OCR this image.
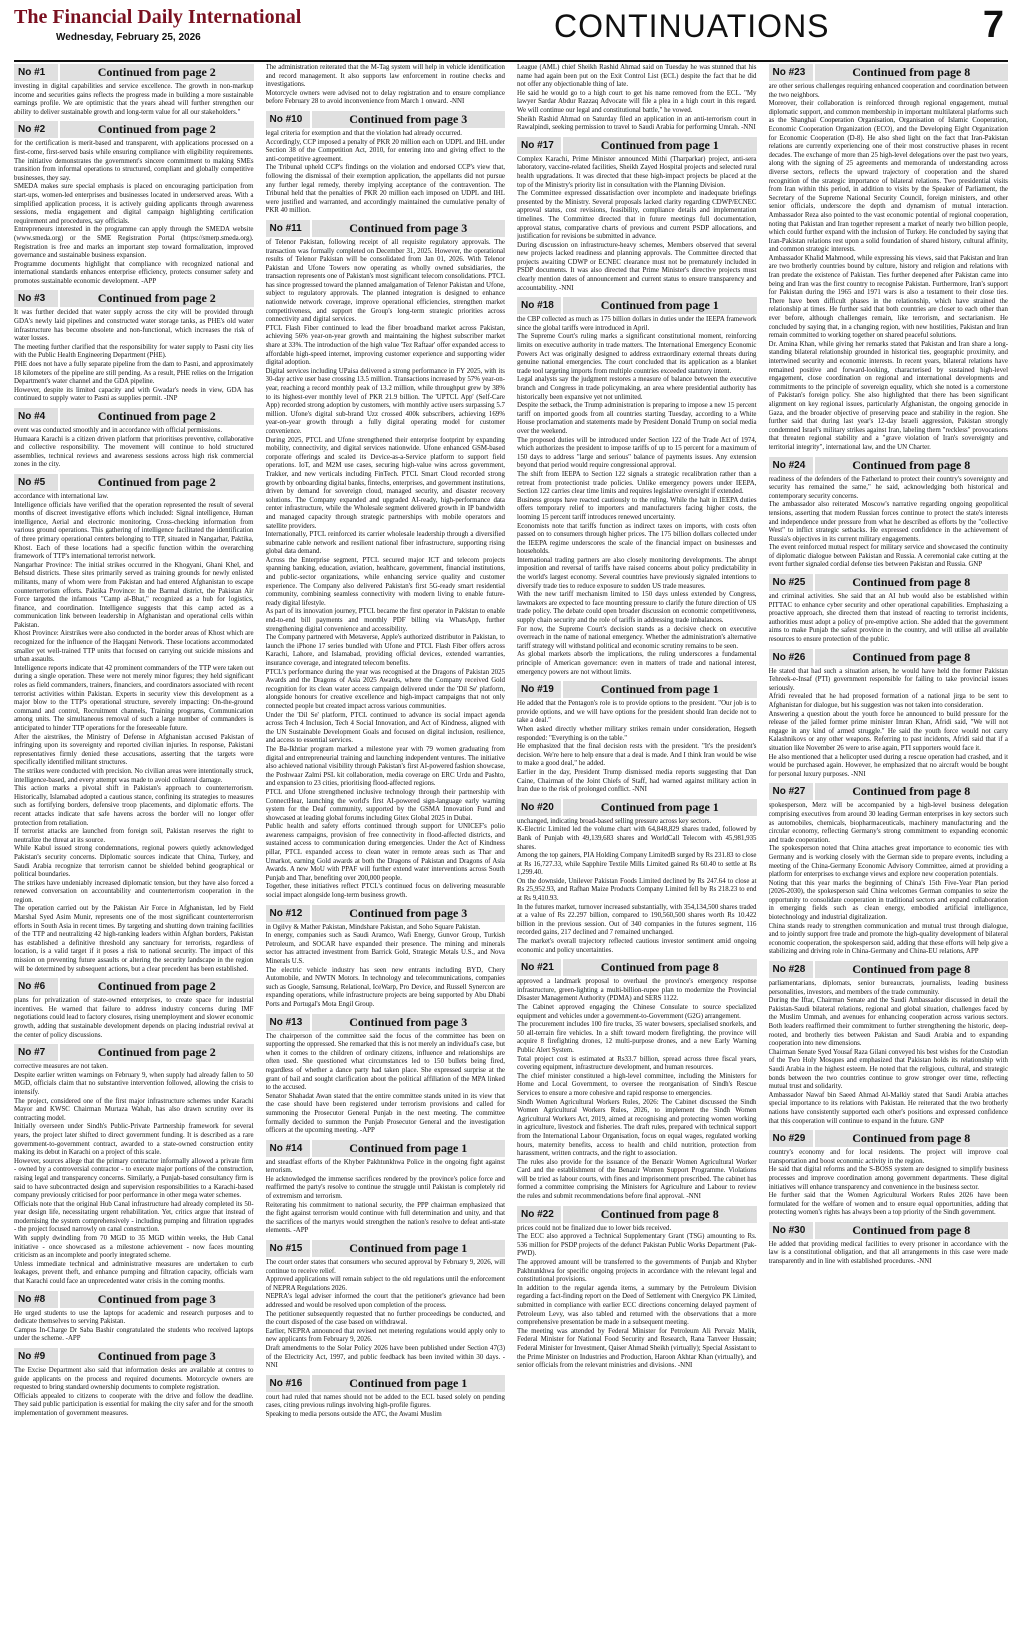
The Financial Daily International
Wednesday, February 25, 2026	CONTINUATIONS	7
No #1	Continued from page 2

investing in digital capabilities and service excellence. The growth in non-markup income and securities gains reflects the progress made in building a more sustainable earnings profile. We are optimistic that the years ahead will further strengthen our ability to deliver sustainable growth and long-term value for all our stakeholders."

No #2	Continued from page 2

for the certification is merit-based and transparent, with applications processed on a first-come, first-served basis while ensuring compliance with eligibility requirements. The initiative demonstrates the government's sincere commitment to making SMEs transition from informal operations to structured, compliant and globally competitive businesses, they say.
SMEDA makes sure special emphasis is placed on encouraging participation from start-ups, women-led enterprises and businesses located in underserved areas. With a simplified application process, it is actively guiding applicants through awareness sessions, media engagement and digital campaign highlighting certification requirement and procedures, say officials.
Entrepreneurs interested in the programme can apply through the SMEDA website (www.smeda.org) or the SME Registration Portal (https://smerp.smeda.org). Registration is free and marks an important step toward formalization, improved governance and sustainable business expansion.
Programme documents highlight that compliance with recognized national and international standards enhances enterprise efficiency, protects consumer safety and promotes sustainable economic development. -APP

No #3	Continued from page 2

It was further decided that water supply across the city will be provided through GDA's newly laid pipelines and constructed water storage tanks, as PHE's old water infrastructure has become obsolete and non-functional, which increases the risk of water losses.
The meeting further clarified that the responsibility for water supply to Pasni city lies with the Public Health Engineering Department (PHE).
PHE does not have a fully separate pipeline from the dam to Pasni, and approximately 18 kilometers of the pipeline are still pending. As a result, PHE relies on the Irrigation Department's water channel and the GDA pipeline.
However, despite its limited capacity and with Gwadar's needs in view, GDA has continued to supply water to Pasni as supplies permit. -INP

No #4	Continued from page 2

event was conducted smoothly and in accordance with official permissions.
Humaara Karachi is a citizen driven platform that prioritises preventive, collaborative and collective responsibility. The movement will continue to hold structured assemblies, technical reviews and awareness sessions across high risk commercial zones in the city.

No #5	Continued from page 2

accordance with international law.
Intelligence officials have verified that the operation represented the result of several months of discreet investigative efforts which included: Signal intelligence, Human intelligence, Aerial and electronic monitoring, Cross-checking information from various ground operations. This gathering of intelligence facilitated the identification of three primary operational centers belonging to TTP, situated in Nangarhar, Paktika, Khost. Each of these locations had a specific function within the overarching framework of TTP's international terrorist network.
Nangarhar Province: The initial strikes occurred in the Khogyani, Ghani Khel, and Behsud districts. These sites primarily served as training grounds for newly enlisted militants, many of whom were from Pakistan and had entered Afghanistan to escape counterterrorism efforts. Paktika Province: In the Barmal district, the Pakistan Air Force targeted the infamous "Camp al-Bhat," recognized as a hub for logistics, finance, and coordination. Intelligence suggests that this camp acted as a communication link between leadership in Afghanistan and operational cells within Pakistan.
Khost Province: Airstrikes were also conducted in the border areas of Khost which are recognized for the influence of the Haqqani Network. These locations accommodated smaller yet well-trained TTP units that focused on carrying out suicide missions and urban assaults.
Intelligence reports indicate that 42 prominent commanders of the TTP were taken out during a single operation. These were not merely minor figures; they held significant roles as field commanders, trainers, financiers, and coordinators associated with recent terrorist activities within Pakistan. Experts in security view this development as a major blow to the TTP's operational structure, severely impacting: On-the-ground command and control, Recruitment channels, Training programs, Communication among units. The simultaneous removal of such a large number of commanders is anticipated to hinder TTP operations for the foreseeable future.
After the airstrikes, the Ministry of Defense in Afghanistan accused Pakistan of infringing upon its sovereignty and reported civilian injuries. In response, Pakistani representatives firmly denied these accusations, asserting that the targets were specifically identified militant structures.
The strikes were conducted with precision. No civilian areas were intentionally struck, intelligence-based, and every attempt was made to avoid collateral damage.
This action marks a pivotal shift in Pakistan's approach to counterterrorism. Historically, Islamabad adopted a cautious stance, confining its strategies to measures such as fortifying borders, defensive troop placements, and diplomatic efforts. The recent attacks indicate that safe havens across the border will no longer offer protection from retaliation.
If terrorist attacks are launched from foreign soil, Pakistan reserves the right to neutralize the threat at its source.
While Kabul issued strong condemnations, regional powers quietly acknowledged Pakistan's security concerns. Diplomatic sources indicate that China, Turkey, and Saudi Arabia recognize that terrorism cannot be shielded behind geographical or political boundaries.
The strikes have undeniably increased diplomatic tension, but they have also forced a renewed conversation on accountability and counterterrorism cooperation in the region.
The operation carried out by the Pakistan Air Force in Afghanistan, led by Field Marshal Syed Asim Munir, represents one of the most significant counterterrorism efforts in South Asia in recent times. By targeting and shutting down training facilities of the TTP and neutralizing 42 high-ranking leaders within Afghan borders, Pakistan has established a definitive threshold any sanctuary for terrorists, regardless of location, is a valid target if it poses a risk to national security. The impact of this mission on preventing future assaults or altering the security landscape in the region will be determined by subsequent actions, but a clear precedent has been established.

No #6	Continued from page 2

plans for privatization of state-owned enterprises, to create space for industrial incentives. He warned that failure to address industry concerns during IMF negotiations could lead to factory closures, rising unemployment and slower economic growth, adding that sustainable development depends on placing industrial revival at the center of policy discussions.

No #7	Continued from page 2

corrective measures are not taken.
Despite earlier written warnings on February 9, when supply had already fallen to 50 MGD, officials claim that no substantive intervention followed, allowing the crisis to intensify.
The project, considered one of the first major infrastructure schemes under Karachi Mayor and KWSC Chairman Murtaza Wahab, has also drawn scrutiny over its contracting model.
Initially overseen under Sindh's Public-Private Partnership framework for several years, the project later shifted to direct government funding. It is described as a rare government-to-government contract, awarded to a state-owned construction entity making its debut in Karachi on a project of this scale.
However, sources allege that the primary contractor informally allowed a private firm - owned by a controversial contractor - to execute major portions of the construction, raising legal and transparency concerns. Similarly, a Punjab-based consultancy firm is said to have subcontracted design and supervision responsibilities to a Karachi-based company previously criticised for poor performance in other mega water schemes.
Officials note that the original Hub Canal infrastructure had already completed its 50-year design life, necessitating urgent rehabilitation. Yet, critics argue that instead of modernising the system comprehensively - including pumping and filtration upgrades - the project focused narrowly on canal construction.
With supply dwindling from 70 MGD to 35 MGD within weeks, the Hub Canal initiative - once showcased as a milestone achievement - now faces mounting criticism as an incomplete and poorly integrated scheme.
Unless immediate technical and administrative measures are undertaken to curb leakages, prevent theft, and enhance pumping and filtration capacity, officials warn that Karachi could face an unprecedented water crisis in the coming months.

No #8	Continued from page 3

He urged students to use the laptops for academic and research purposes and to dedicate themselves to serving Pakistan.
Campus In-Charge Dr Saba Bashir congratulated the students who received laptops under the scheme. -APP

No #9	Continued from page 3

The Excise Department also said that information desks are available at centres to guide applicants on the process and required documents. Motorcycle owners are requested to bring standard ownership documents to complete registration.
Officials appealed to citizens to cooperate with the drive and follow the deadline. They said public participation is essential for making the city safer and for the smooth implementation of government measures.

The administration reiterated that the M-Tag system will help in vehicle identification and record management. It also supports law enforcement in routine checks and investigations.
Motorcycle owners were advised not to delay registration and to ensure compliance before February 28 to avoid inconvenience from March 1 onward. -NNI

No #10	Continued from page 3

legal criteria for exemption and that the violation had already occurred.
Accordingly, CCP imposed a penalty of PKR 20 million each on UDPL and IHL under Section 38 of the Competition Act, 2010, for entering into and giving effect to the anti-competitive agreement.
The Tribunal upheld CCP's findings on the violation and endorsed CCP's view that, following the dismissal of their exemption application, the appellants did not pursue any further legal remedy, thereby implying acceptance of the contravention. The Tribunal held that the penalties of PKR 20 million each imposed on UDPL and IHL were justified and warranted, and accordingly maintained the cumulative penalty of PKR 40 million.

No #11	Continued from page 3

of Telenor Pakistan, following receipt of all requisite regulatory approvals. The transaction was formally completed on December 31, 2025. However, the operational results of Telenor Pakistan will be consolidated from Jan 01, 2026. With Telenor Pakistan and Ufone Towers now operating as wholly owned subsidiaries, the transaction represents one of Pakistan's most significant telecom consolidations. PTCL has since progressed toward the planned amalgamation of Telenor Pakistan and Ufone, subject to regulatory approvals. The planned integration is designed to enhance nationwide network coverage, improve operational efficiencies, strengthen market competitiveness, and support the Group's long-term strategic priorities across connectivity and digital services.
PTCL Flash Fiber continued to lead the fiber broadband market across Pakistan, achieving 56% year-on-year growth and maintaining the highest subscriber market share at 33%. The introduction of the high value 'Tez Raftaar' offer expanded access to affordable high-speed internet, improving customer experience and supporting wider digital adoption.
Digital services including UPaisa delivered a strong performance in FY 2025, with its 30-day active user base crossing 13.5 million. Transactions increased by 57% year-on-year, reaching a record monthly peak of 13.2 million, while throughput grew by 38% to its highest-ever monthly level of PKR 21.9 billion. The 'UPTCL App' (Self-Care App) recorded strong adoption by customers, with monthly active users surpassing 5.7 million. Ufone's digital sub-brand Uzz crossed 400k subscribers, achieving 169% year-on-year growth through a fully digital operating model for customer convenience.
During 2025, PTCL and Ufone strengthened their enterprise footprint by expanding mobility, connectivity, and digital services nationwide. Ufone enhanced GSM-based corporate offerings and scaled its Device-as-a-Service platform to support field operations. IoT, and M2M use cases, securing high-value wins across government, Trakker, and new verticals including FinTech. PTCL Smart Cloud recorded strong growth by onboarding digital banks, fintechs, enterprises, and government institutions, driven by demand for sovereign cloud, managed security, and disaster recovery solutions. The Company expanded and upgraded AI-ready, high-performance data center infrastructure, while the Wholesale segment delivered growth in IP bandwidth and managed capacity through strategic partnerships with mobile operators and satellite providers.
Internationally, PTCL reinforced its carrier wholesale leadership through a diversified submarine cable network and resilient national fiber infrastructure, supporting rising global data demand.
Across the Enterprise segment, PTCL secured major ICT and telecom projects spanning banking, education, aviation, healthcare, government, financial institutions, and public-sector organizations, while enhancing service quality and customer experience. The Company also delivered Pakistan's first 5G-ready smart residential community, combining seamless connectivity with modern living to enable future-ready digital lifestyle.
As part of its innovation journey, PTCL became the first operator in Pakistan to enable end-to-end bill payments and monthly PDF billing via WhatsApp, further strengthening digital convenience and accessibility.
The Company partnered with Metaverse, Apple's authorized distributor in Pakistan, to launch the iPhone 17 series bundled with Ufone and PTCL Flash Fiber offers across Karachi, Lahore, and Islamabad, providing official devices, extended warranties, insurance coverage, and integrated telecom benefits.
PTCL's performance during the year was recognised at the Dragons of Pakistan 2025 Awards and the Dragons of Asia 2025 Awards, where the Company received Gold recognition for its clean water access campaign delivered under the 'Dil Se' platform, alongside honours for creative excellence and high-impact campaigns that not only connected people but created impact across various communities.
Under the 'Dil Se' platform, PTCL continued to advance its social impact agenda across Tech 4 Inclusion, Tech 4 Social Innovation, and Act of Kindness, aligned with the UN Sustainable Development Goals and focused on digital inclusion, resilience, and access to essential services.
The Ba-Ikhtiar program marked a milestone year with 79 women graduating from digital and entrepreneurial training and launching independent ventures. The initiative also achieved national visibility through Pakistan's first AI-powered fashion showcase, the Poshwaar Zalmi PSL kit collaboration, media coverage on ERC Urdu and Pashto, and expansion to 23 cities, prioritising flood-affected regions.
PTCL and Ufone strengthened inclusive technology through their partnership with ConnectHear, launching the world's first AI-powered sign-language early warning system for the Deaf community, supported by the GSMA Innovation Fund and showcased at leading global forums including Gitex Global 2025 in Dubai.
Public health and safety efforts continued through support for UNICEF's polio awareness campaigns, provision of free connectivity in flood-affected districts, and sustained access to communication during emergencies. Under the Act of Kindness pillar, PTCL expanded access to clean water in remote areas such as Thar and Umarkot, earning Gold awards at both the Dragons of Pakistan and Dragons of Asia Awards. A new MoU with PPAF will further extend water interventions across South Punjab and Thar, benefiting over 200,000 people.
Together, these initiatives reflect PTCL's continued focus on delivering measurable social impact alongside long-term business growth.

No #12	Continued from page 3

in Ogilvy & Mather Pakistan, Mindshare Pakistan, and Soho Square Pakistan.
In energy, companies such as Saudi Aramco, Wafi Energy, Gunvor Group, Turkish Petroleum, and SOCAR have expanded their presence. The mining and minerals sector has attracted investment from Barrick Gold, Strategic Metals U.S., and Nova Minerals U.S.
The electric vehicle industry has seen new entrants including BYD, Chery Automobile, and NWTN Motors. In technology and telecommunications, companies such as Google, Samsung, Relational, IceWarp, Pro Device, and Russell Synercon are expanding operations, while infrastructure projects are being supported by Abu Dhabi Ports and Portugal's Mota Engil Group.

No #13	Continued from page 3

The chairperson of the committee said the focus of the committee has been on supporting the oppressed. She remarked that this is not merely an individual's case, but when it comes to the children of ordinary citizens, influence and relationships are often used. She questioned what circumstances led to 150 bullets being fired, regardless of whether a dance party had taken place. She expressed surprise at the grant of bail and sought clarification about the political affiliation of the MPA linked to the accused.
Senator Shahadat Awan stated that the entire committee stands united in its view that the case should have been registered under terrorism provisions and called for summoning the Prosecutor General Punjab in the next meeting. The committee formally decided to summon the Punjab Prosecutor General and the investigation officers at the upcoming meeting. -APP

No #14	Continued from page 1

and steadfast efforts of the Khyber Pakhtunkhwa Police in the ongoing fight against terrorism.
He acknowledged the immense sacrifices rendered by the province's police force and reaffirmed the party's resolve to continue the struggle until Pakistan is completely rid of extremism and terrorism.
Reiterating his commitment to national security, the PPP chairman emphasized that the fight against terrorism would continue with full determination and unity, and that the sacrifices of the martyrs would strengthen the nation's resolve to defeat anti-state elements. -APP

No #15	Continued from page 1

The court order states that consumers who secured approval by February 9, 2026, will continue to receive relief.
Approved applications will remain subject to the old regulations until the enforcement of NEPRA Regulations 2026.
NEPRA's legal adviser informed the court that the petitioner's grievance had been addressed and would be resolved upon completion of the process.
The petitioner subsequently requested that no further proceedings be conducted, and the court disposed of the case based on withdrawal.
Earlier, NEPRA announced that revised net metering regulations would apply only to new applicants from February 9, 2026.
Draft amendments to the Solar Policy 2026 have been published under Section 47(3) of the Electricity Act, 1997, and public feedback has been invited within 30 days. -NNI

No #16	Continued from page 1

court had ruled that names should not be added to the ECL based solely on pending cases, citing previous rulings involving high-profile figures.
Speaking to media persons outside the ATC, the Awami Muslim

League (AML) chief Sheikh Rashid Ahmad said on Tuesday he was stunned that his name had again been put on the Exit Control List (ECL) despite the fact that he did not offer any objectionable thing of late.
He said he would go to a high court to get his name removed from the ECL. "My lawyer Sardar Abdur Razzaq Advocate will file a plea in a high court in this regard. We will continue our legal and constitutional battle," he vowed.
Sheikh Rashid Ahmad on Saturday filed an application in an anti-terrorism court in Rawalpindi, seeking permission to travel to Saudi Arabia for performing Umrah. -NNI

No #17	Continued from page 1

Complex Karachi, Prime Minister announced Mithi (Tharparkar) project, anti-sera laboratory, vaccine-related facilities, Sheikh Zayed Hospital projects and selected rural health upgradations. It was directed that these high-impact projects be placed at the top of the Ministry's priority list in consultation with the Planning Division.
The Committee expressed dissatisfaction over incomplete and inadequate briefings presented by the Ministry. Several proposals lacked clarity regarding CDWP/ECNEC approval status, cost revisions, feasibility, compliance details and implementation timelines. The Committee directed that in future meetings full documentation, approval status, comparative charts of previous and current PSDP allocations, and justification for revisions be submitted in advance.
During discussion on infrastructure-heavy schemes, Members observed that several new projects lacked readiness and planning approvals. The Committee directed that projects awaiting CDWP or ECNEC clearance must not be prematurely included in PSDP documents. It was also directed that Prime Minister's directive projects must clearly mention dates of announcement and current status to ensure transparency and accountability. -NNI

No #18	Continued from page 1

the CBP collected as much as 175 billion dollars in duties under the IEEPA framework since the global tariffs were introduced in April.
The Supreme Court's ruling marks a significant constitutional moment, reinforcing limits on executive authority in trade matters. The International Emergency Economic Powers Act was originally designed to address extraordinary external threats during genuine national emergencies. The court concluded that its application as a blanket trade tool targeting imports from multiple countries exceeded statutory intent.
Legal analysts say the judgment restores a measure of balance between the executive branch and Congress in trade policymaking, an area where presidential authority has historically been expansive yet not unlimited.
Despite the setback, the Trump administration is preparing to impose a new 15 percent tariff on imported goods from all countries starting Tuesday, according to a White House proclamation and statements made by President Donald Trump on social media over the weekend.
The proposed duties will be introduced under Section 122 of the Trade Act of 1974, which authorizes the president to impose tariffs of up to 15 percent for a maximum of 150 days to address "large and serious" balance of payments issues. Any extension beyond that period would require congressional approval.
The shift from IEEPA to Section 122 signals a strategic recalibration rather than a retreat from protectionist trade policies. Unlike emergency powers under IEEPA, Section 122 carries clear time limits and requires legislative oversight if extended.
Business groups have reacted cautiously to the ruling. While the halt in IEEPA duties offers temporary relief to importers and manufacturers facing higher costs, the looming 15 percent tariff introduces renewed uncertainty.
Economists note that tariffs function as indirect taxes on imports, with costs often passed on to consumers through higher prices. The 175 billion dollars collected under the IEEPA regime underscores the scale of the financial impact on businesses and households.
International trading partners are also closely monitoring developments. The abrupt imposition and reversal of tariffs have raised concerns about policy predictability in the world's largest economy. Several countries have previously signaled intentions to diversify trade ties to reduce exposure to sudden US trade measures.
With the new tariff mechanism limited to 150 days unless extended by Congress, lawmakers are expected to face mounting pressure to clarify the future direction of US trade policy. The debate could open broader discussion on economic competitiveness, supply chain security and the role of tariffs in addressing trade imbalances.
For now, the Supreme Court's decision stands as a decisive check on executive overreach in the name of national emergency. Whether the administration's alternative tariff strategy will withstand political and economic scrutiny remains to be seen.
As global markets absorb the implications, the ruling underscores a fundamental principle of American governance: even in matters of trade and national interest, emergency powers are not without limits.

No #19	Continued from page 1

He added that the Pentagon's role is to provide options to the president. "Our job is to provide options, and we will have options for the president should Iran decide not to take a deal."
When asked directly whether military strikes remain under consideration, Hegseth responded: "Everything is on the table."
He emphasized that the final decision rests with the president. "It's the president's decision. We're here to help ensure that a deal is made. And I think Iran would be wise to make a good deal," he added.
Earlier in the day, President Trump dismissed media reports suggesting that Dan Caine, Chairman of the Joint Chiefs of Staff, had warned against military action in Iran due to the risk of prolonged conflict. -NNI

No #20	Continued from page 1

unchanged, indicating broad-based selling pressure across key sectors.
K-Electric Limited led the volume chart with 64,848,829 shares traded, followed by Bank of Punjab with 49,139,683 shares and WorldCall Telecom with 45,981,935 shares.
Among the top gainers, PIA Holding Company LimitedB surged by Rs 231.83 to close at Rs 16,727.33, while Sapphire Textile Mills Limited gained Rs 60.40 to settle at Rs 1,299.40.
On the downside, Unilever Pakistan Foods Limited declined by Rs 247.64 to close at Rs 25,952.93, and Rafhan Maize Products Company Limited fell by Rs 218.23 to end at Rs 9,410.93.
In the futures market, turnover increased substantially, with 354,134,500 shares traded at a value of Rs 22.297 billion, compared to 190,560,500 shares worth Rs 10.422 billion in the previous session. Out of 340 companies in the futures segment, 116 recorded gains, 217 declined and 7 remained unchanged.
The market's overall trajectory reflected cautious investor sentiment amid ongoing economic and policy uncertainties.

No #21	Continued from page 8

approved a landmark proposal to overhaul the province's emergency response infrastructure, green-lighting a multi-billion-rupee plan to modernize the Provincial Disaster Management Authority (PDMA) and SERS 1122.
The Cabinet approved engaging the Chinese Consulate to source specialized equipment and vehicles under a government-to-Government (G2G) arrangement.
The procurement includes 100 fire trucks, 35 water bowsers, specialised snorkels, and 50 all-terrain fire vehicles. In a shift toward modern firefighting, the province will acquire 8 firefighting drones, 12 multi-purpose drones, and a new Early Warning Public Alert System.
Total project cost is estimated at Rs33.7 billion, spread across three fiscal years, covering equipment, infrastructure development, and human resources.
The chief minister constituted a high-level committee, including the Ministers for Home and Local Government, to oversee the reorganisation of Sindh's Rescue Services to ensure a more cohesive and rapid response to emergencies.
Sindh Women Agricultural Workers Rules, 2026: The Cabinet discussed the Sindh Women Agricultural Workers Rules, 2026, to implement the Sindh Women Agricultural Workers Act, 2019, aimed at recognising and protecting women working in agriculture, livestock and fisheries. The draft rules, prepared with technical support from the International Labour Organisation, focus on equal wages, regulated working hours, maternity benefits, access to health and child nutrition, protection from harassment, written contracts, and the right to association.
The rules also provide for the issuance of the Benazir Women Agricultural Worker Card and the establishment of the Benazir Women Support Programme. Violations will be tried as labour courts, with fines and imprisonment prescribed. The cabinet has formed a committee comprising the Ministers for Agriculture and Labour to review the rules and submit recommendations before final approval. -NNI

No #22	Continued from page 8

prices could not be finalized due to lower bids received.
The ECC also approved a Technical Supplementary Grant (TSG) amounting to Rs. 536 million for PSDP projects of the defunct Pakistan Public Works Department (Pak-PWD).
The approved amount will be transferred to the governments of Punjab and Khyber Pakhtunkhwa for specific ongoing projects in accordance with the relevant legal and constitutional provisions.
In addition to the regular agenda items, a summary by the Petroleum Division regarding a fact-finding report on the Deed of Settlement with Cnergyico PK Limited, submitted in compliance with earlier ECC directions concerning delayed payment of Petroleum Levy, was also tabled and returned with the observations that a more comprehensive presentation be made in a subsequent meeting.
The meeting was attended by Federal Minister for Petroleum Ali Pervaiz Malik, Federal Minister for National Food Security and Research, Rana Tanveer Hussain; Federal Minister for Investment, Qaiser Ahmad Sheikh (virtually); Special Assistant to the Prime Minister on Industries and Production, Haroon Akhtar Khan (virtually), and senior officials from the relevant ministries and divisions. -NNI

No #23	Continued from page 8

are other serious challenges requiring enhanced cooperation and coordination between the two neighbors.
Moreover, their collaboration is reinforced through regional engagement, mutual diplomatic support, and common membership in important multilateral platforms such as the Shanghai Cooperation Organisation, Organisation of Islamic Cooperation, Economic Cooperation Organization (ECO), and the Developing Eight Organization for Economic Cooperation (D-8). He also shed light on the fact that Iran-Pakistan relations are currently experiencing one of their most constructive phases in recent decades. The exchange of more than 25 high-level delegations over the past two years, along with the signing of 25 agreements and memoranda of understanding across diverse sectors, reflects the upward trajectory of cooperation and the shared recognition of the strategic importance of bilateral relations. Two presidential visits from Iran within this period, in addition to visits by the Speaker of Parliament, the Secretary of the Supreme National Security Council, foreign ministers, and other senior officials, underscore the depth and dynamism of mutual interaction. Ambassador Reza also pointed to the vast economic potential of regional cooperation, noting that Pakistan and Iran together represent a market of nearly two billion people, which could further expand with the inclusion of Turkey. He concluded by saying that Iran-Pakistan relations rest upon a solid foundation of shared history, cultural affinity, and common strategic interests.
Ambassador Khalid Mahmood, while expressing his views, said that Pakistan and Iran are two brotherly countries bound by culture, history and religion and relations with Iran predate the existence of Pakistan. Ties further deepened after Pakistan came into being and Iran was the first country to recognise Pakistan. Furthermore, Iran's support for Pakistan during the 1965 and 1971 wars is also a testament to their close ties. There have been difficult phases in the relationship, which have strained the relationship at times. He further said that both countries are closer to each other than ever before, although challenges remain, like terrorism, and sectarianism. He concluded by saying that, in a changing region, with new hostilities, Pakistan and Iran remain committed to working together on shared peaceful solutions.
Dr. Amina Khan, while giving her remarks stated that Pakistan and Iran share a long-standing bilateral relationship grounded in historical ties, geographic proximity, and intertwined security and economic interests. In recent years, bilateral relations have remained positive and forward-looking, characterised by sustained high-level engagement, close coordination on regional and international developments and commitments to the principle of sovereign equality, which she noted is a cornerstone of Pakistan's foreign policy. She also highlighted that there has been significant alignment on key regional issues, particularly Afghanistan, the ongoing genocide in Gaza, and the broader objective of preserving peace and stability in the region. She further said that during last year's 12-day Israeli aggression, Pakistan strongly condemned Israel's military strikes against Iran, labeling them "reckless" provocations that threaten regional stability and a "grave violation of Iran's sovereignty and territorial integrity", international law, and the UN Charter.

No #24	Continued from page 8

readiness of the defenders of the Fatherland to protect their country's sovereignty and security has remained the same," he said, acknowledging both historical and contemporary security concerns.
The ambassador also reiterated Moscow's narrative regarding ongoing geopolitical tensions, asserting that modern Russian forces continue to protect the state's interests and independence under pressure from what he described as efforts by the "collective West" to inflict strategic setbacks. He expressed confidence in the achievement of Russia's objectives in its current military engagements.
The event reinforced mutual respect for military service and showcased the continuity of diplomatic dialogue between Pakistan and Russia. A ceremonial cake cutting at the event further signaled cordial defense ties between Pakistan and Russia. GNP

No #25	Continued from page 8

and criminal activities. She said that an AI hub would also be established within PITTAC to enhance cyber security and other operational capabilities. Emphasizing a proactive approach, she directed them that instead of reacting to terrorist incidents, authorities must adopt a policy of pre-emptive action. She added that the government aims to make Punjab the safest province in the country, and will utilise all available resources to ensure protection of the public.

No #26	Continued from page 8

He stated that had such a situation arisen, he would have held the former Pakistan Tehreek-e-Insaf (PTI) government responsible for failing to take provincial issues seriously.
Afridi revealed that he had proposed formation of a national jirga to be sent to Afghanistan for dialogue, but his suggestion was not taken into consideration.
Answering a question about the youth force he announced to build pressure for the release of the jailed former prime minister Imran Khan, Afridi said, "We will not engage in any kind of armed struggle." He said the youth force would not carry Kalashnikovs or any other weapons. Referring to past incidents, Afridi said that if a situation like November 26 were to arise again, PTI supporters would face it.
He also mentioned that a helicopter used during a rescue operation had crashed, and it would be purchased again. However, he emphasized that no aircraft would be bought for personal luxury purposes. -NNI

No #27	Continued from page 8

spokesperson, Merz will be accompanied by a high-level business delegation comprising executives from around 30 leading German enterprises in key sectors such as automobiles, chemicals, biopharmaceuticals, machinery manufacturing and the circular economy, reflecting Germany's strong commitment to expanding economic and trade cooperation.
The spokesperson noted that China attaches great importance to economic ties with Germany and is working closely with the German side to prepare events, including a meeting of the China-Germany Economic Advisory Committee, aimed at providing a platform for enterprises to exchange views and explore new cooperation potentials.
Noting that this year marks the beginning of China's 15th Five-Year Plan period (2026-2030), the spokesperson said China welcomes German companies to seize the opportunity to consolidate cooperation in traditional sectors and expand collaboration in emerging fields such as clean energy, embodied artificial intelligence, biotechnology and industrial digitalization.
China stands ready to strengthen communication and mutual trust through dialogue, and to jointly support free trade and promote the high-quality development of bilateral economic cooperation, the spokesperson said, adding that these efforts will help give a stabilizing and driving role in China-Germany and China-EU relations, APP

No #28	Continued from page 8

parliamentarians, diplomats, senior bureaucrats, journalists, leading business personalities, investors, and members of the trade community.
During the Iftar, Chairman Senate and the Saudi Ambassador discussed in detail the Pakistan-Saudi bilateral relations, regional and global situation, challenges faced by the Muslim Ummah, and avenues for enhancing cooperation across various sectors. Both leaders reaffirmed their commitment to further strengthening the historic, deep-rooted, and brotherly ties between Pakistan and Saudi Arabia and to expanding cooperation into new dimensions.
Chairman Senate Syed Yousaf Raza Gilani conveyed his best wishes for the Custodian of the Two Holy Mosques and emphasized that Pakistan holds its relationship with Saudi Arabia in the highest esteem. He noted that the religious, cultural, and strategic bonds between the two countries continue to grow stronger over time, reflecting mutual trust and solidarity.
Ambassador Nawaf bin Saeed Ahmad Al-Malkiy stated that Saudi Arabia attaches special importance to its relations with Pakistan. He reiterated that the two brotherly nations have consistently supported each other's positions and expressed confidence that this cooperation will continue to expand in the future. GNP

No #29	Continued from page 8

country's economy and for local residents. The project will improve coal transportation and boost economic activity in the region.
He said that digital reforms and the S-BOSS system are designed to simplify business processes and improve coordination among government departments. These digital initiatives will enhance transparency and convenience in the business sector.
He further said that the Women Agricultural Workers Rules 2026 have been formulated for the welfare of women and to ensure equal opportunities, adding that protecting women's rights has always been a top priority of the Sindh government.

No #30	Continued from page 8

He added that providing medical facilities to every prisoner in accordance with the law is a constitutional obligation, and that all arrangements in this case were made transparently and in line with established procedures. -NNI
